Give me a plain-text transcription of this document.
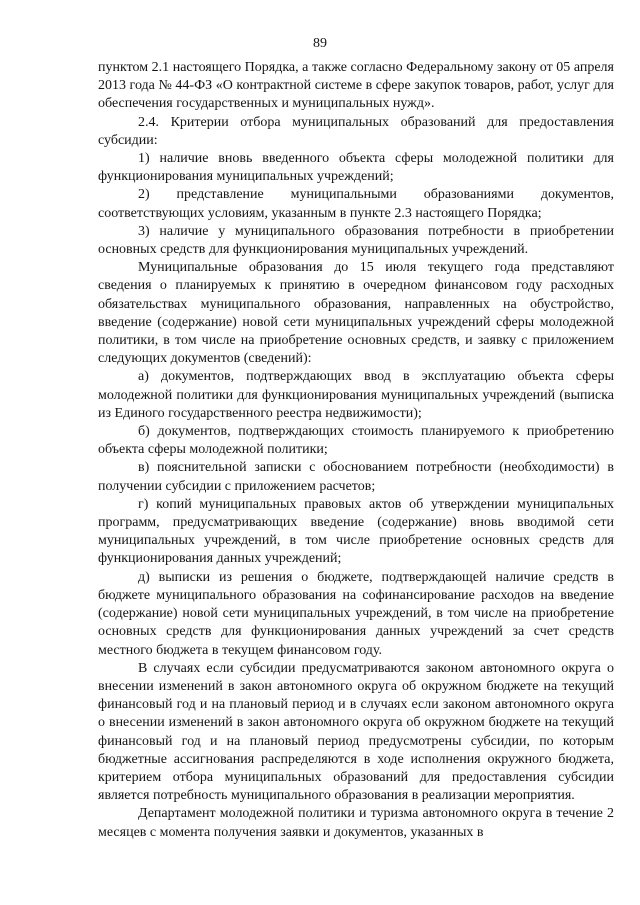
89

пунктом 2.1 настоящего Порядка, а также согласно Федеральному закону от 05 апреля 2013 года № 44-ФЗ «О контрактной системе в сфере закупок товаров, работ, услуг для обеспечения государственных и муниципальных нужд».

2.4. Критерии отбора муниципальных образований для предоставления субсидии:

1) наличие вновь введенного объекта сферы молодежной политики для функционирования муниципальных учреждений;

2) представление муниципальными образованиями документов, соответствующих условиям, указанным в пункте 2.3 настоящего Порядка;

3) наличие у муниципального образования потребности в приобретении основных средств для функционирования муниципальных учреждений.

Муниципальные образования до 15 июля текущего года представляют сведения о планируемых к принятию в очередном финансовом году расходных обязательствах муниципального образования, направленных на обустройство, введение (содержание) новой сети муниципальных учреждений сферы молодежной политики, в том числе на приобретение основных средств, и заявку с приложением следующих документов (сведений):

а) документов, подтверждающих ввод в эксплуатацию объекта сферы молодежной политики для функционирования муниципальных учреждений (выписка из Единого государственного реестра недвижимости);

б) документов, подтверждающих стоимость планируемого к приобретению объекта сферы молодежной политики;

в) пояснительной записки с обоснованием потребности (необходимости) в получении субсидии с приложением расчетов;

г) копий муниципальных правовых актов об утверждении муниципальных программ, предусматривающих введение (содержание) вновь вводимой сети муниципальных учреждений, в том числе приобретение основных средств для функционирования данных учреждений;

д) выписки из решения о бюджете, подтверждающей наличие средств в бюджете муниципального образования на софинансирование расходов на введение (содержание) новой сети муниципальных учреждений, в том числе на приобретение основных средств для функционирования данных учреждений за счет средств местного бюджета в текущем финансовом году.

В случаях если субсидии предусматриваются законом автономного округа о внесении изменений в закон автономного округа об окружном бюджете на текущий финансовый год и на плановый период и в случаях если законом автономного округа о внесении изменений в закон автономного округа об окружном бюджете на текущий финансовый год и на плановый период предусмотрены субсидии, по которым бюджетные ассигнования распределяются в ходе исполнения окружного бюджета, критерием отбора муниципальных образований для предоставления субсидии является потребность муниципального образования в реализации мероприятия.

Департамент молодежной политики и туризма автономного округа в течение 2 месяцев с момента получения заявки и документов, указанных в
